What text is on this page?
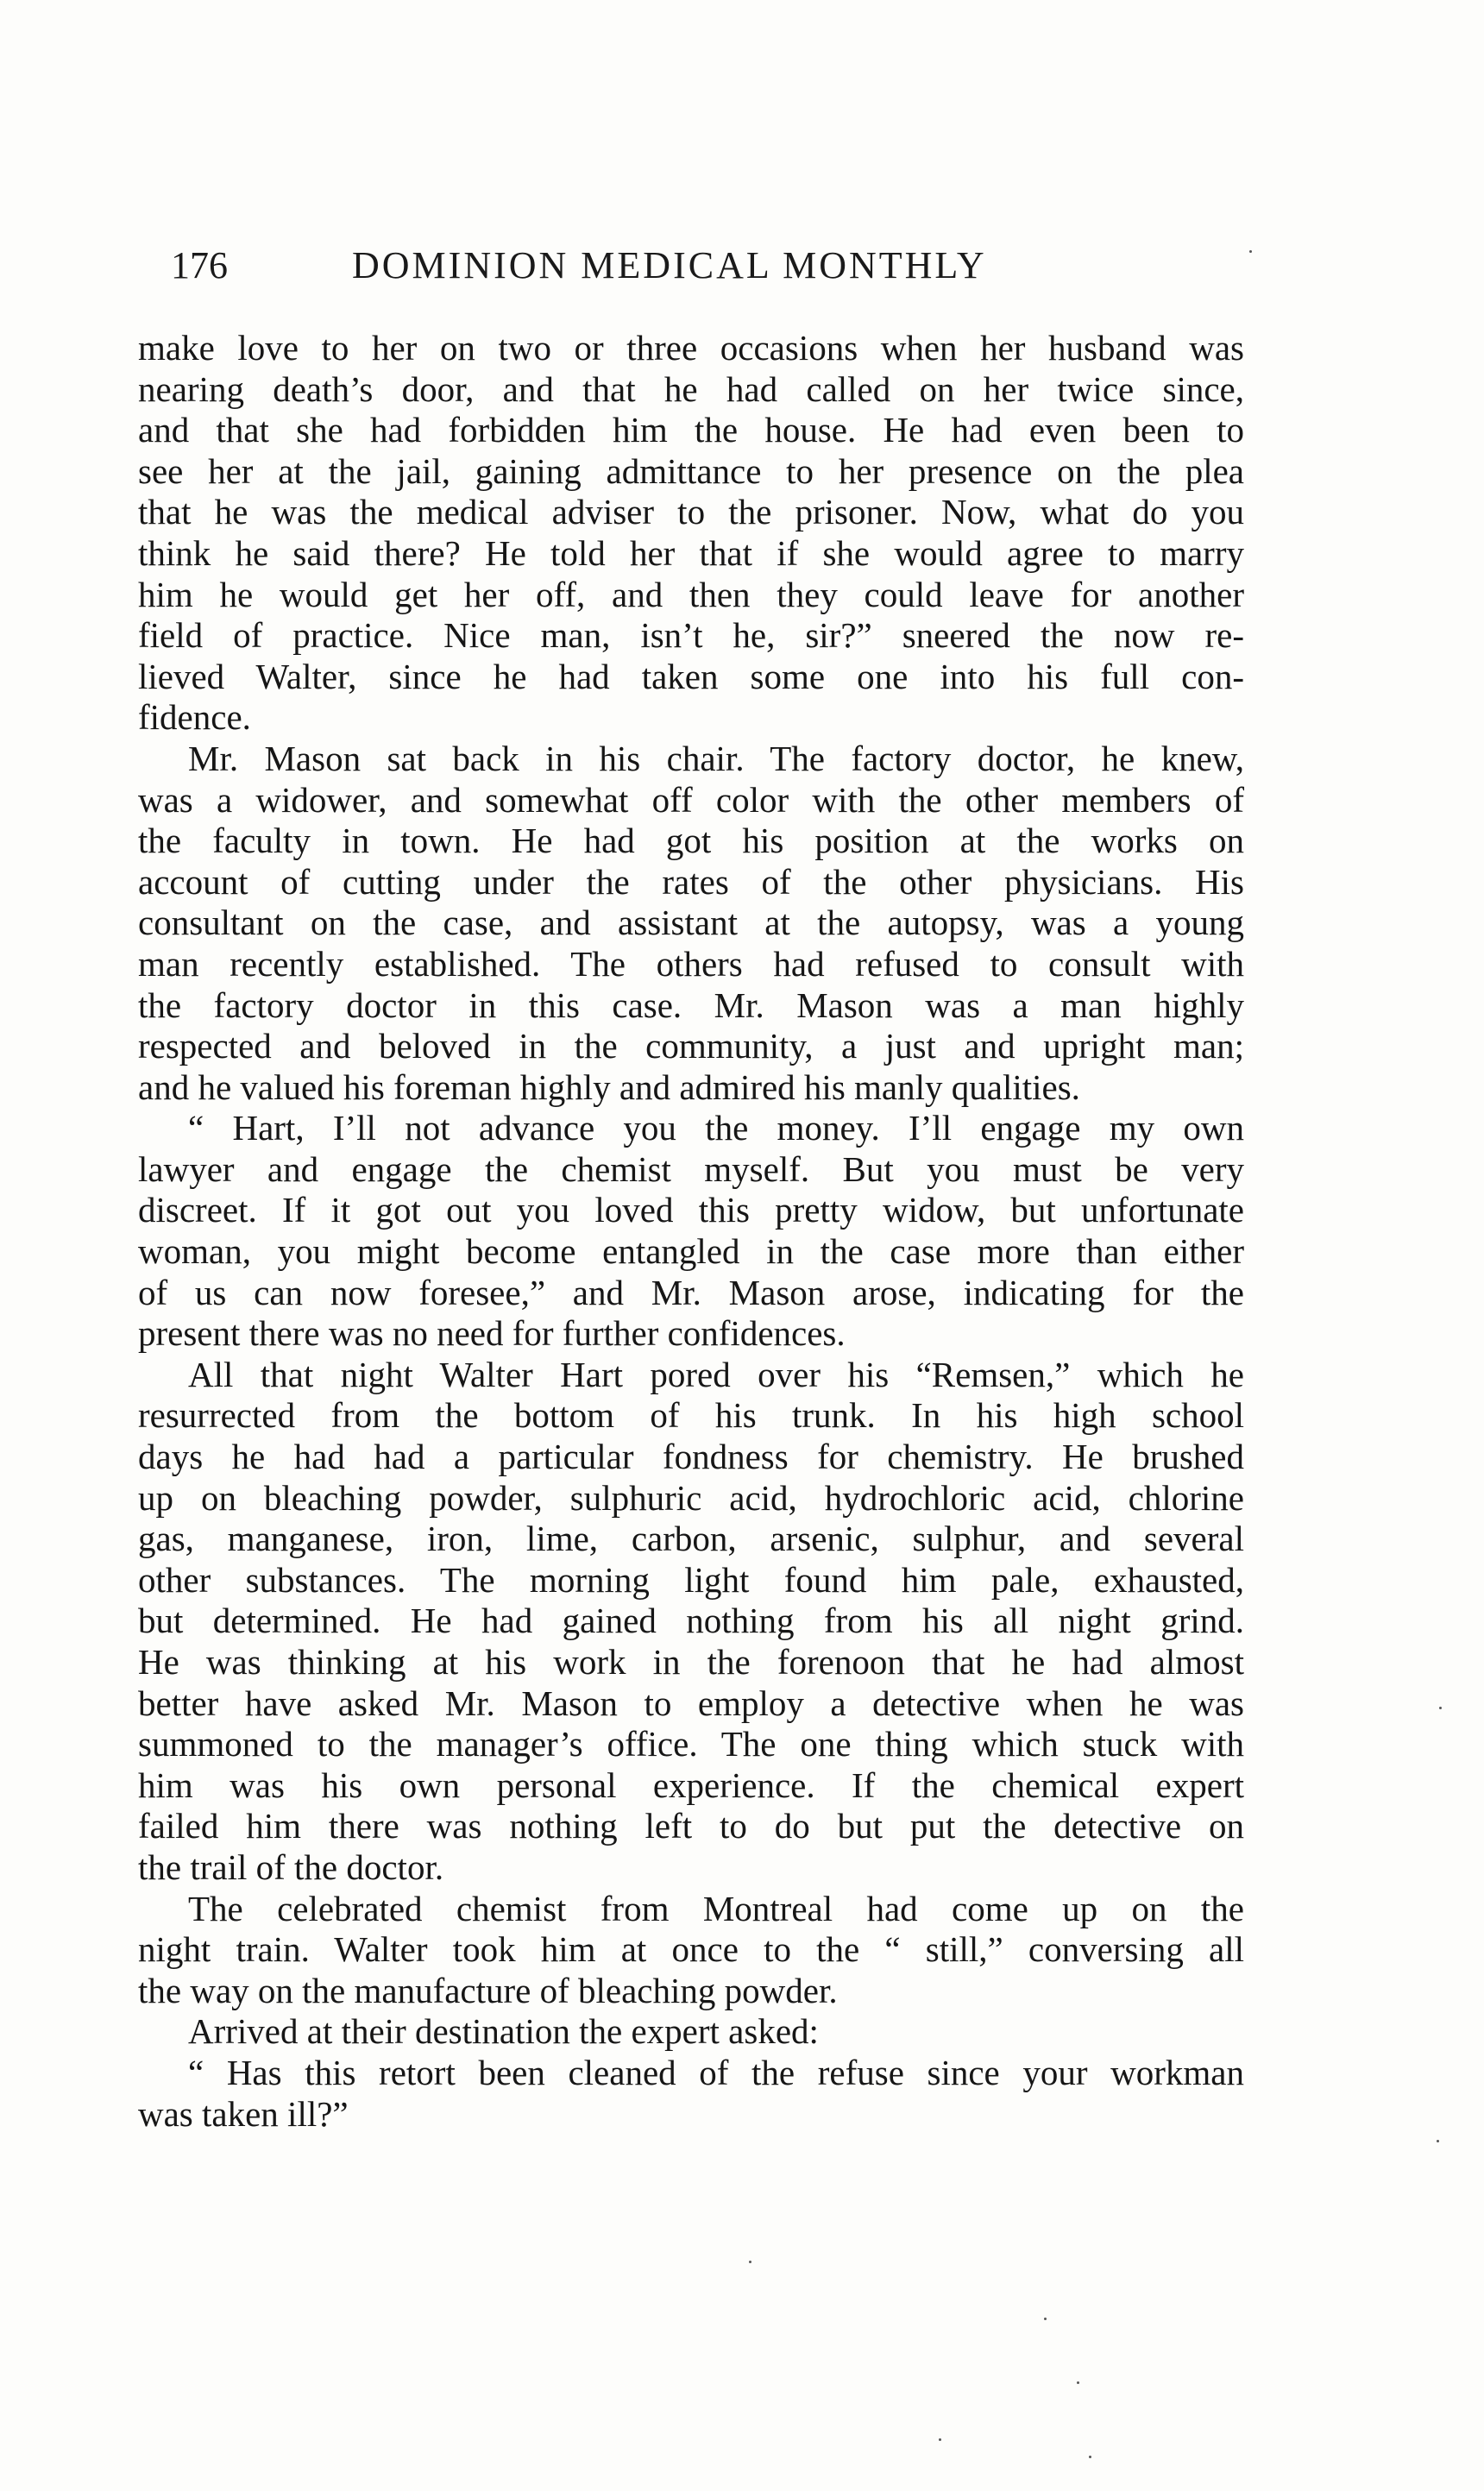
176	DOMINION MEDICAL MONTHLY
make love to her on two or three occasions when her husband was
nearing death’s door, and that he had called on her twice since,
and that she had forbidden him the house. He had even been to
see her at the jail, gaining admittance to her presence on the plea
that he was the medical adviser to the prisoner. Now, what do you
think he said there? He told her that if she would agree to marry
him he would get her off, and then they could leave for another
field of practice. Nice man, isn’t he, sir?” sneered the now re-
lieved Walter, since he had taken some one into his full con-
fidence.
Mr. Mason sat back in his chair. The factory doctor, he knew,
was a widower, and somewhat off color with the other members of
the faculty in town. He had got his position at the works on
account of cutting under the rates of the other physicians. His
consultant on the case, and assistant at the autopsy, was a young
man recently established. The others had refused to consult with
the factory doctor in this case. Mr. Mason was a man highly
respected and beloved in the community, a just and upright man;
and he valued his foreman highly and admired his manly qualities.
“ Hart, I’ll not advance you the money. I’ll engage my own
lawyer and engage the chemist myself. But you must be very
discreet. If it got out you loved this pretty widow, but unfortunate
woman, you might become entangled in the case more than either
of us can now foresee,” and Mr. Mason arose, indicating for the
present there was no need for further confidences.
All that night Walter Hart pored over his “Remsen,” which he
resurrected from the bottom of his trunk. In his high school
days he had had a particular fondness for chemistry. He brushed
up on bleaching powder, sulphuric acid, hydrochloric acid, chlorine
gas, manganese, iron, lime, carbon, arsenic, sulphur, and several
other substances. The morning light found him pale, exhausted,
but determined. He had gained nothing from his all night grind.
He was thinking at his work in the forenoon that he had almost
better have asked Mr. Mason to employ a detective when he was
summoned to the manager’s office. The one thing which stuck with
him was his own personal experience. If the chemical expert
failed him there was nothing left to do but put the detective on
the trail of the doctor.
The celebrated chemist from Montreal had come up on the
night train. Walter took him at once to the “ still,” conversing all
the way on the manufacture of bleaching powder.
Arrived at their destination the expert asked:
“ Has this retort been cleaned of the refuse since your workman
was taken ill?”
